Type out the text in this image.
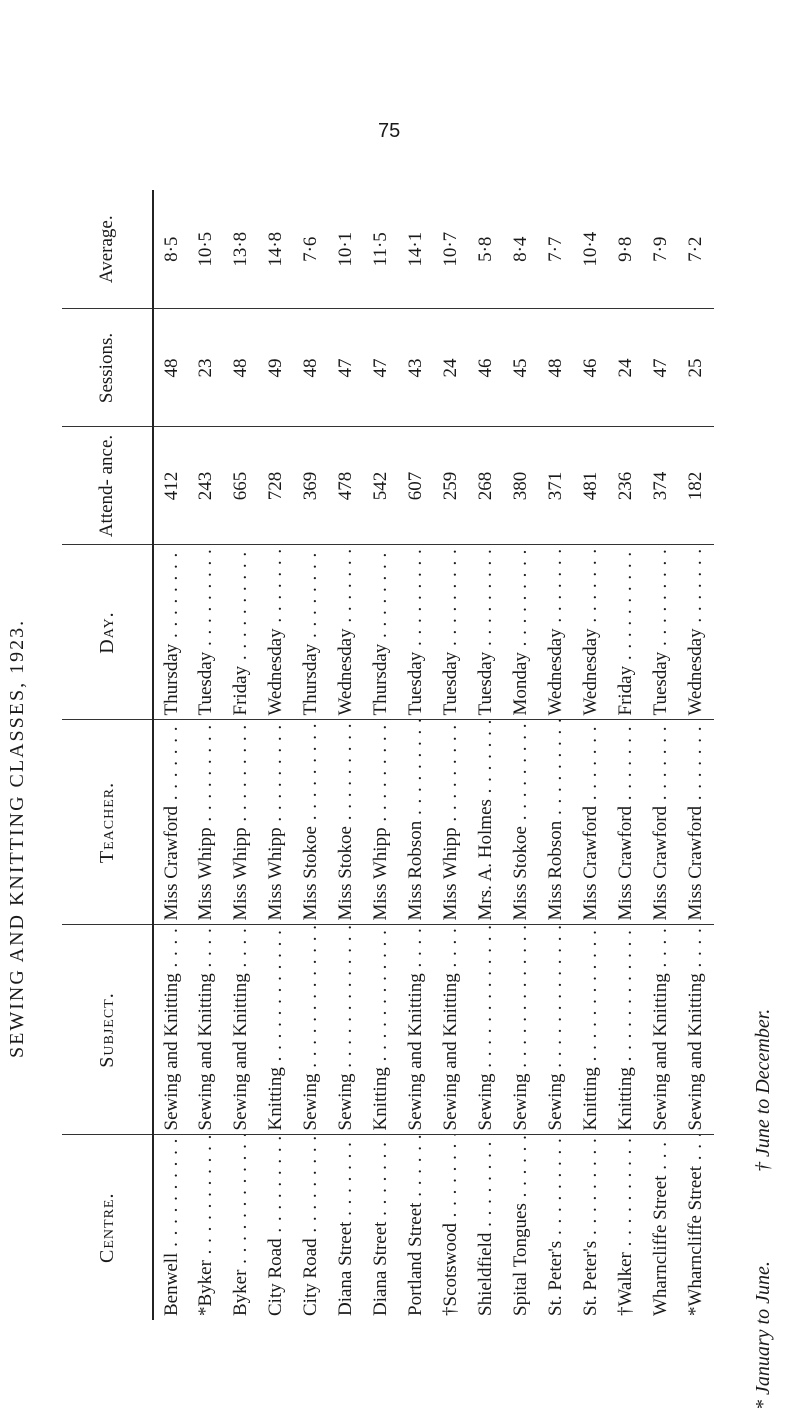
75
SEWING AND KNITTING CLASSES, 1923.
Centre.	Subject.	Teacher.	Day.	Attend- ance.	Sessions.	Average.
Benwell . . .	Sewing and Knitting . . .	Miss Crawford . . .	Thursday . . .	412	48	8·5
*Byker . . .	Sewing and Knitting . . .	Miss Whipp . . .	Tuesday . . .	243	23	10·5
Byker . . .	Sewing and Knitting . . .	Miss Whipp . . .	Friday . . .	665	48	13·8
City Road . . .	Knitting . . .	Miss Whipp . . .	Wednesday . . .	728	49	14·8
City Road . . .	Sewing . . .	Miss Stokoe . . .	Thursday . . .	369	48	7·6
Diana Street . . .	Sewing . . .	Miss Stokoe . . .	Wednesday . . .	478	47	10·1
Diana Street . . .	Knitting . . .	Miss Whipp . . .	Thursday . . .	542	47	11·5
Portland Street . . .	Sewing and Knitting . . .	Miss Robson . . .	Tuesday . . .	607	43	14·1
†Scotswood . . .	Sewing and Knitting . . .	Miss Whipp . . .	Tuesday . . .	259	24	10·7
Shieldfield . . .	Sewing . . .	Mrs. A. Holmes . . .	Tuesday . . .	268	46	5·8
Spital Tongues . . .	Sewing . . .	Miss Stokoe . . .	Monday . . .	380	45	8·4
St. Peter's . . .	Sewing . . .	Miss Robson . . .	Wednesday . . .	371	48	7·7
St. Peter's . . .	Knitting . . .	Miss Crawford . . .	Wednesday . . .	481	46	10·4
†Walker . . .	Knitting . . .	Miss Crawford . . .	Friday . . .	236	24	9·8
Wharncliffe Street . . .	Sewing and Knitting . . .	Miss Crawford . . .	Tuesday . . .	374	47	7·9
*Wharncliffe Street . . .	Sewing and Knitting . . .	Miss Crawford . . .	Wednesday . . .	182	25	7·2
* January to June.
† June to December.
